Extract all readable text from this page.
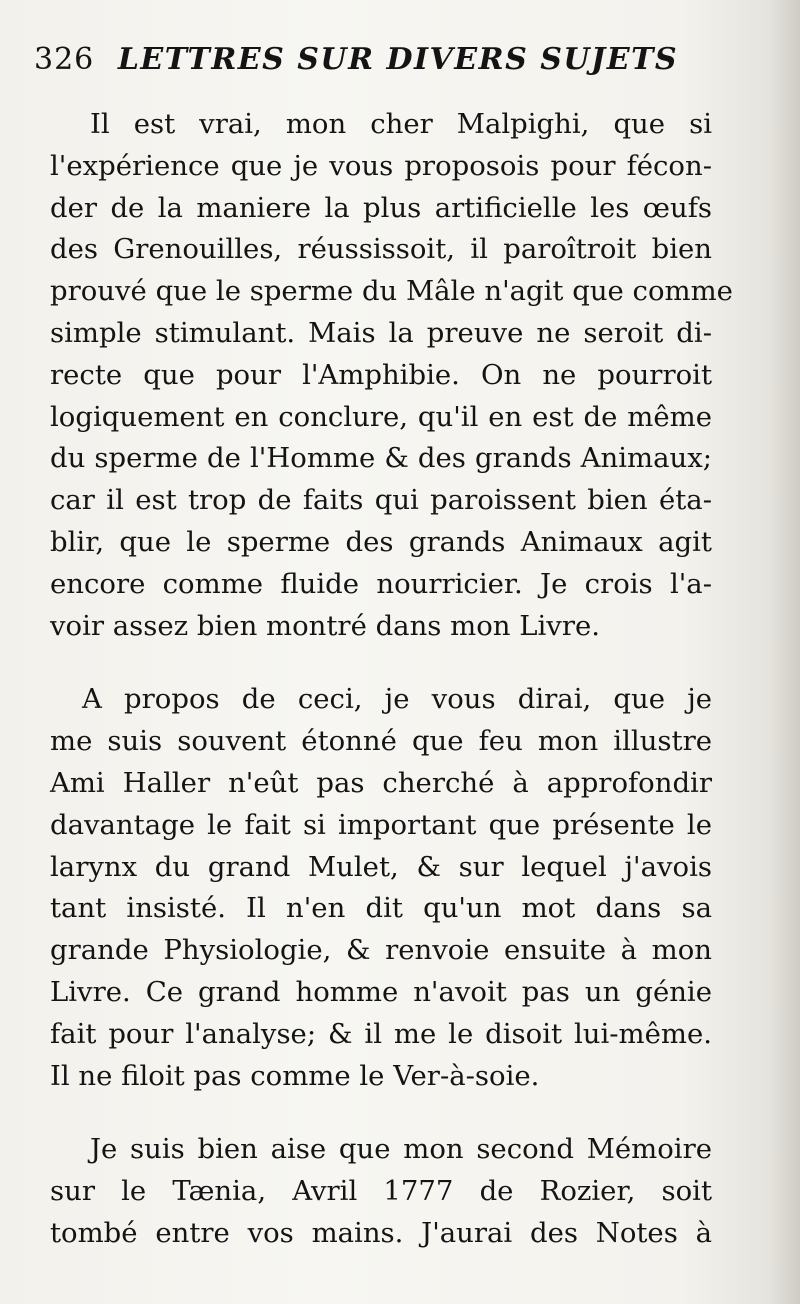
326 LETTRES SUR DIVERS SUJETS

Il est vrai, mon cher Malpighi, que si
l'expérience que je vous proposois pour fécon-
der de la maniere la plus artificielle les œufs
des Grenouilles, réussissoit, il paroîtroit bien
prouvé que le sperme du Mâle n'agit que comme
simple stimulant. Mais la preuve ne seroit di-
recte que pour l'Amphibie. On ne pourroit
logiquement en conclure, qu'il en est de même
du sperme de l'Homme & des grands Animaux;
car il est trop de faits qui paroissent bien éta-
blir, que le sperme des grands Animaux agit
encore comme fluide nourricier. Je crois l'a-
voir assez bien montré dans mon Livre.

A propos de ceci, je vous dirai, que je
me suis souvent étonné que feu mon illustre
Ami Haller n'eût pas cherché à approfondir
davantage le fait si important que présente le
larynx du grand Mulet, & sur lequel j'avois
tant insisté. Il n'en dit qu'un mot dans sa
grande Physiologie, & renvoie ensuite à mon
Livre. Ce grand homme n'avoit pas un génie
fait pour l'analyse; & il me le disoit lui-même.
Il ne filoit pas comme le Ver-à-soie.

Je suis bien aise que mon second Mémoire
sur le Tænia, Avril 1777 de Rozier, soit
tombé entre vos mains. J'aurai des Notes à
